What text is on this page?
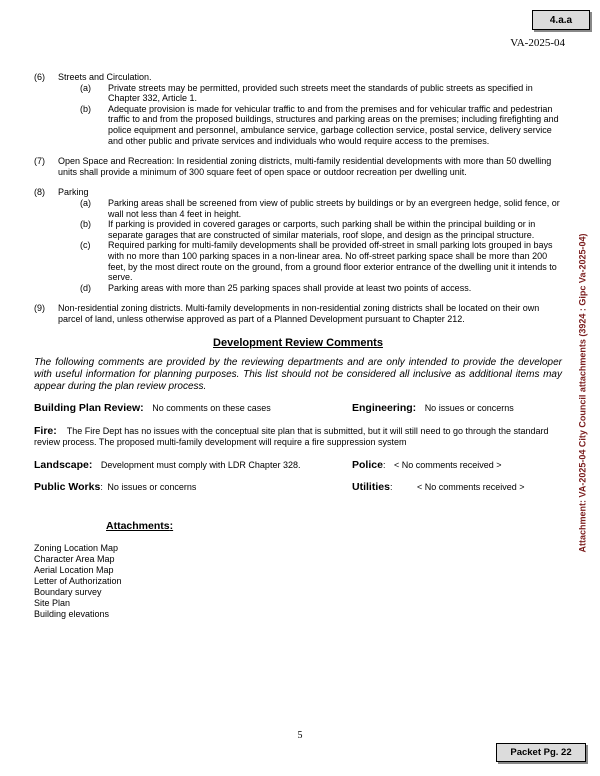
4.a.a
VA-2025-04
(6)	Streets and Circulation.
(a)	Private streets may be permitted, provided such streets meet the standards of public streets as specified in Chapter 332, Article 1.
(b)	Adequate provision is made for vehicular traffic to and from the premises and for vehicular traffic and pedestrian traffic to and from the proposed buildings, structures and parking areas on the premises; including firefighting and police equipment and personnel, ambulance service, garbage collection service, postal service, delivery service and other public and private services and individuals who would require access to the premises.
(7)	Open Space and Recreation: In residential zoning districts, multi-family residential developments with more than 50 dwelling units shall provide a minimum of 300 square feet of open space or outdoor recreation per dwelling unit.
(8)	Parking
(a)	Parking areas shall be screened from view of public streets by buildings or by an evergreen hedge, solid fence, or wall not less than 4 feet in height.
(b)	If parking is provided in covered garages or carports, such parking shall be within the principal building or in separate garages that are constructed of similar materials, roof slope, and design as the principal structure.
(c)	Required parking for multi-family developments shall be provided off-street in small parking lots grouped in bays with no more than 100 parking spaces in a non-linear area. No off-street parking space shall be more than 200 feet, by the most direct route on the ground, from a ground floor exterior entrance of the dwelling unit it intends to serve.
(d)	Parking areas with more than 25 parking spaces shall provide at least two points of access.
(9)	Non-residential zoning districts. Multi-family developments in non-residential zoning districts shall be located on their own parcel of land, unless otherwise approved as part of a Planned Development pursuant to Chapter 212.
Development Review Comments
The following comments are provided by the reviewing departments and are only intended to provide the developer with useful information for planning purposes. This list should not be considered all inclusive as additional items may appear during the plan review process.
Building Plan Review: No comments on these cases	Engineering: No issues or concerns
Fire: The Fire Dept has no issues with the conceptual site plan that is submitted, but it will still need to go through the standard review process. The proposed multi-family development will require a fire suppression system
Landscape: Development must comply with LDR Chapter 328.	Police: < No comments received >
Public Works: No issues or concerns	Utilities:	< No comments received >
Attachments:
Zoning Location Map
Character Area Map
Aerial Location Map
Letter of Authorization
Boundary survey
Site Plan
Building elevations
Attachment: VA-2025-04 City Council attachments (3924 : Gipc Va-2025-04)
5
Packet Pg. 22
